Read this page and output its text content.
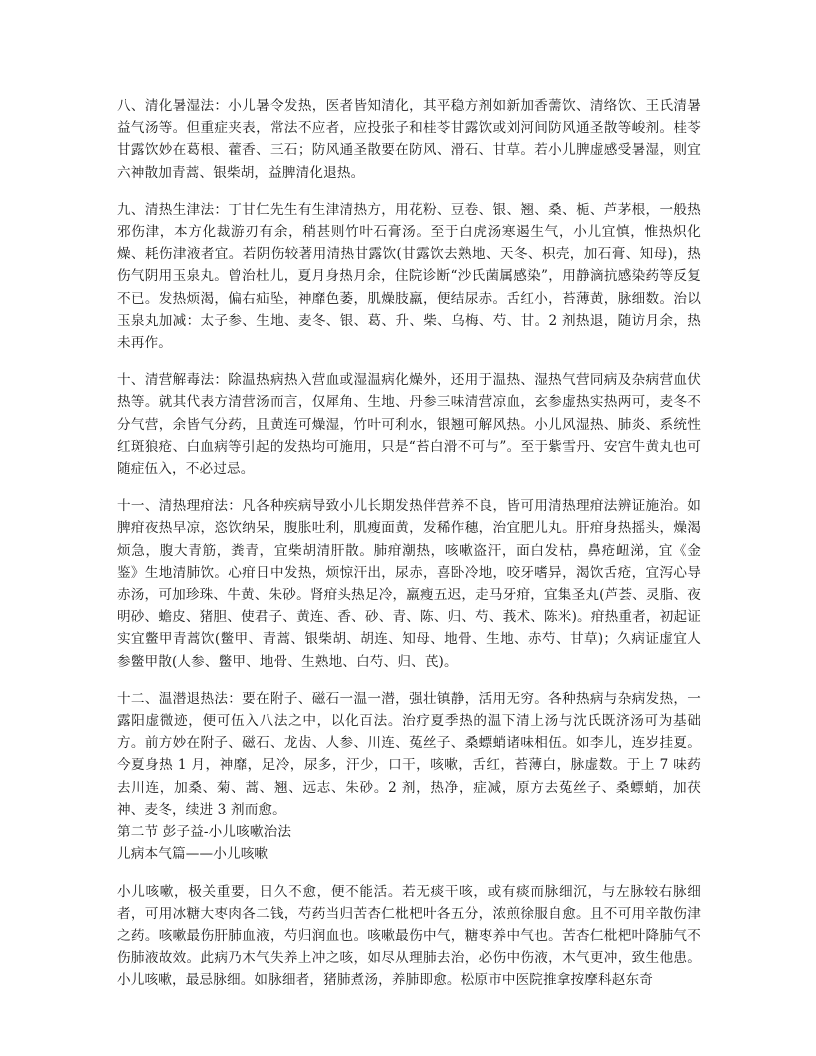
八、清化暑湿法：小儿暑令发热，医者皆知清化，其平稳方剂如新加香薷饮、清络饮、王氏清暑益气汤等。但重症夹表，常法不应者，应投张子和桂苓甘露饮或刘河间防风通圣散等峻剂。桂苓甘露饮妙在葛根、藿香、三石；防风通圣散要在防风、滑石、甘草。若小儿脾虚感受暑湿，则宜六神散加青蒿、银柴胡，益脾清化退热。

九、清热生津法：丁甘仁先生有生津清热方，用花粉、豆卷、银、翘、桑、栀、芦茅根，一般热邪伤津，本方化裁游刃有余，稍甚则竹叶石膏汤。至于白虎汤寒遏生气，小儿宜慎，惟热炽化燥、耗伤津液者宜。若阴伤较著用清热甘露饮(甘露饮去熟地、天冬、枳壳，加石膏、知母)，热伤气阴用玉泉丸。曾治杜儿，夏月身热月余，住院诊断“沙氏菌属感染”，用静滴抗感染药等反复不已。发热烦渴，偏右疝坠，神靡色萎，肌燥肢羸，便结尿赤。舌红小，苔薄黄，脉细数。治以玉泉丸加减：太子参、生地、麦冬、银、葛、升、柴、乌梅、芍、甘。2 剂热退，随访月余，热未再作。

十、清营解毒法：除温热病热入营血或湿温病化燥外，还用于温热、湿热气营同病及杂病营血伏热等。就其代表方清营汤而言，仅犀角、生地、丹参三味清营凉血，玄参虚热实热两可，麦冬不分气营，余皆气分药，且黄连可燥湿，竹叶可利水，银翘可解风热。小儿风湿热、肺炎、系统性红斑狼疮、白血病等引起的发热均可施用，只是“苔白滑不可与”。至于紫雪丹、安宫牛黄丸也可随症伍入，不必过忌。

十一、清热理疳法：凡各种疾病导致小儿长期发热伴营养不良，皆可用清热理疳法辨证施治。如脾疳夜热早凉，恣饮纳呆，腹胀吐利，肌瘦面黄，发稀作穗，治宜肥儿丸。肝疳身热摇头，燥渴烦急，腹大青筋，粪青，宜柴胡清肝散。肺疳潮热，咳嗽盗汗，面白发枯，鼻疮衄涕，宜《金鉴》生地清肺饮。心疳日中发热，烦惊汗出，尿赤，喜卧冷地，咬牙嗜异，渴饮舌疮，宜泻心导赤汤，可加珍珠、牛黄、朱砂。肾疳头热足冷，羸瘦五迟，走马牙疳，宜集圣丸(芦荟、灵脂、夜明砂、蟾皮、猪胆、使君子、黄连、香、砂、青、陈、归、芍、莪术、陈米)。疳热重者，初起证实宜鳖甲青蒿饮(鳖甲、青蒿、银柴胡、胡连、知母、地骨、生地、赤芍、甘草)；久病证虚宜人参鳖甲散(人参、鳖甲、地骨、生熟地、白芍、归、芪)。

十二、温潜退热法：要在附子、磁石一温一潜，强壮镇静，活用无穷。各种热病与杂病发热，一露阳虚微迹，便可伍入八法之中，以化百法。治疗夏季热的温下清上汤与沈氏既济汤可为基础方。前方妙在附子、磁石、龙齿、人参、川连、菟丝子、桑螵蛸诸味相伍。如李儿，连岁挂夏。今夏身热 1 月，神靡，足冷，尿多，汗少，口干，咳嗽，舌红，苔薄白，脉虚数。于上 7 味药去川连，加桑、菊、蒿、翘、远志、朱砂。2 剂，热净，症减，原方去菟丝子、桑螵蛸，加茯神、麦冬，续进 3 剂而愈。

第二节 彭子益-小儿咳嗽治法

儿病本气篇——小儿咳嗽

小儿咳嗽，极关重要，日久不愈，便不能活。若无痰干咳，或有痰而脉细沉，与左脉较右脉细者，可用冰糖大枣肉各二钱，芍药当归苦杏仁枇杷叶各五分，浓煎徐服自愈。且不可用辛散伤津之药。咳嗽最伤肝肺血液，芍归润血也。咳嗽最伤中气，糖枣养中气也。苦杏仁枇杷叶降肺气不伤肺液故效。此病乃木气失养上冲之咳，如尽从理肺去治，必伤中伤液，木气更冲，致生他患。小儿咳嗽，最忌脉细。如脉细者，猪肺煮汤，养肺即愈。松原市中医院推拿按摩科赵东奇
